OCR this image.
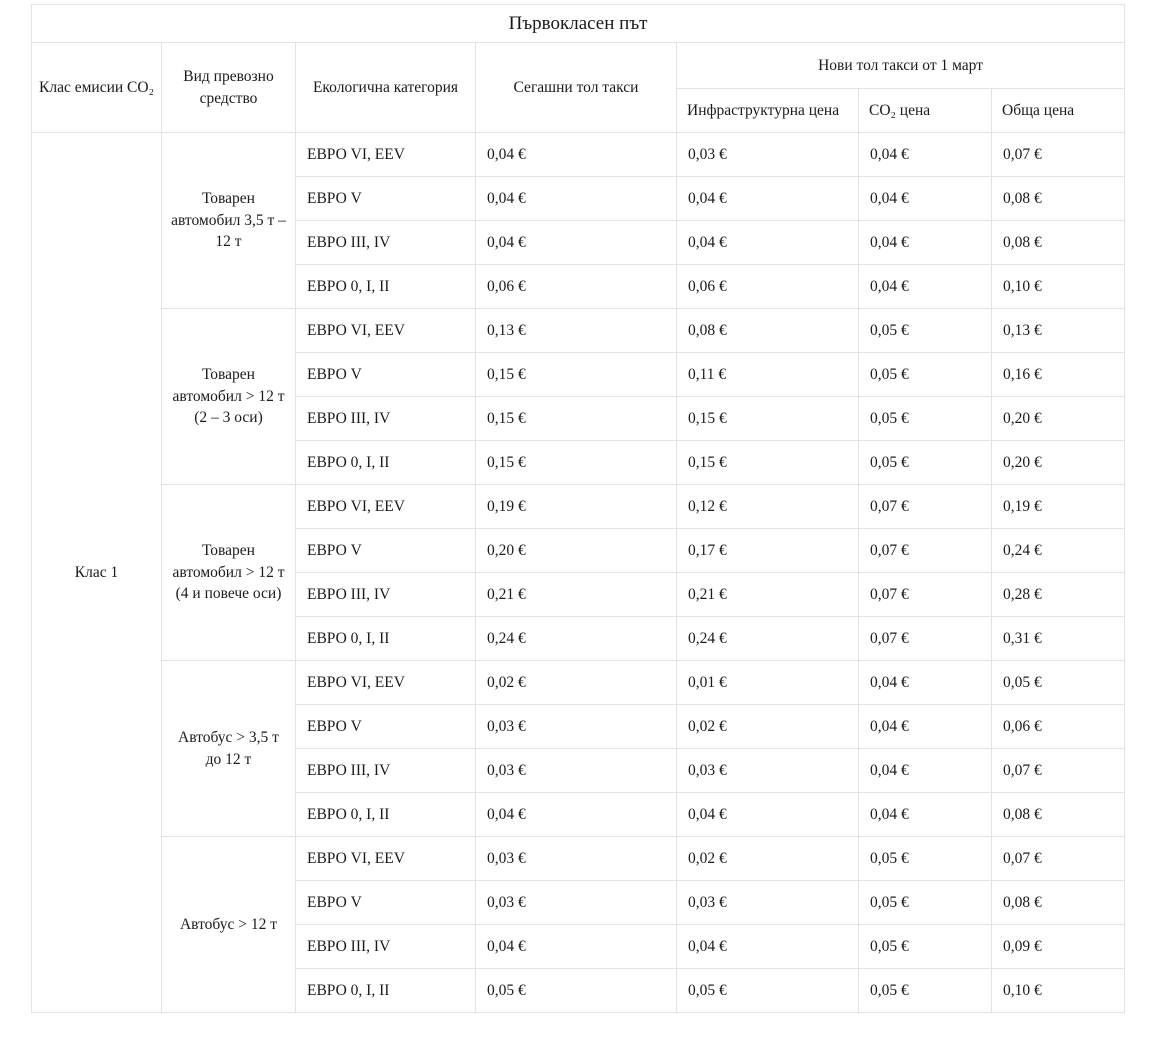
Първокласен път						
Клас емисии CO₂	Вид превозно средство	Екологична категория	Сегашни тол такси	Нови тол такси от 1 март		
				Инфраструктурна цена	CO₂ цена	Обща цена
Клас 1	Товарен автомобил 3,5 т – 12 т	ЕВРО VI, EEV	0,04 €	0,03 €	0,04 €	0,07 €
		ЕВРО V	0,04 €	0,04 €	0,04 €	0,08 €
		ЕВРО III, IV	0,04 €	0,04 €	0,04 €	0,08 €
		ЕВРО 0, I, II	0,06 €	0,06 €	0,04 €	0,10 €
	Товарен автомобил > 12 т (2 – 3 оси)	ЕВРО VI, EEV	0,13 €	0,08 €	0,05 €	0,13 €
		ЕВРО V	0,15 €	0,11 €	0,05 €	0,16 €
		ЕВРО III, IV	0,15 €	0,15 €	0,05 €	0,20 €
		ЕВРО 0, I, II	0,15 €	0,15 €	0,05 €	0,20 €
	Товарен автомобил > 12 т (4 и повече оси)	ЕВРО VI, EEV	0,19 €	0,12 €	0,07 €	0,19 €
		ЕВРО V	0,20 €	0,17 €	0,07 €	0,24 €
		ЕВРО III, IV	0,21 €	0,21 €	0,07 €	0,28 €
		ЕВРО 0, I, II	0,24 €	0,24 €	0,07 €	0,31 €
	Автобус > 3,5 т до 12 т	ЕВРО VI, EEV	0,02 €	0,01 €	0,04 €	0,05 €
		ЕВРО V	0,03 €	0,02 €	0,04 €	0,06 €
		ЕВРО III, IV	0,03 €	0,03 €	0,04 €	0,07 €
		ЕВРО 0, I, II	0,04 €	0,04 €	0,04 €	0,08 €
	Автобус > 12 т	ЕВРО VI, EEV	0,03 €	0,02 €	0,05 €	0,07 €
		ЕВРО V	0,03 €	0,03 €	0,05 €	0,08 €
		ЕВРО III, IV	0,04 €	0,04 €	0,05 €	0,09 €
		ЕВРО 0, I, II	0,05 €	0,05 €	0,05 €	0,10 €
